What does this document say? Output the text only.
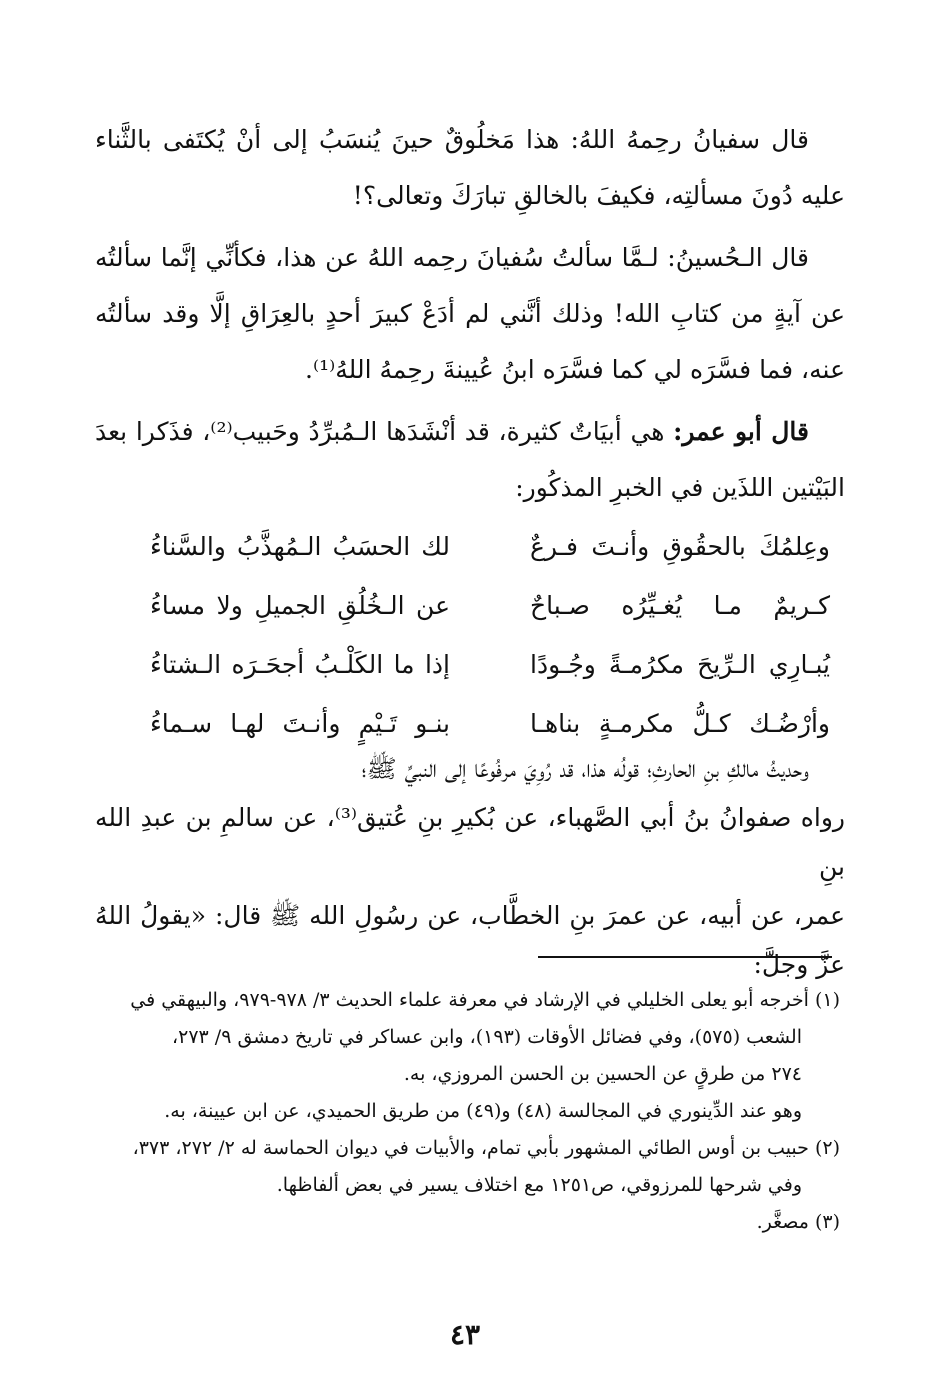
قال سفيانُ رحِمهُ اللهُ: هذا مَخلُوقٌ حينَ يُنسَبُ إلى أنْ يُكتَفى بالثَّناء عليه دُونَ مسألتِه، فكيفَ بالخالقِ تبارَكَ وتعالى؟!

قال الـحُسينُ: لـمَّا سألتُ سُفيانَ رحِمه اللهُ عن هذا، فكأنِّي إنَّما سألتُه عن آيةٍ من كتابِ الله! وذلك أنَّني لم أدَعْ كبيرَ أحدٍ بالعِرَاقِ إلَّا وقد سألتُه عنه، فما فسَّرَه لي كما فسَّرَه ابنُ عُيينةَ رحِمهُ اللهُ⁽¹⁾.

قال أبو عمر: هي أبيَاتٌ كثيرة، قد أنْشَدَها الـمُبرِّدُ وحَبيب⁽²⁾، فذَكرا بعدَ البَيْتين اللذَين في الخبرِ المذكُور:

وعِلمُكَ بالحقُوقِ وأنـتَ فـرعٌ
لك الحسَبُ الـمُهذَّبُ والسَّناءُ
كـريمٌ مـا يُغـيِّرُه صـباحٌ
عن الـخُلُقِ الجميلِ ولا مساءُ
يُبـارِي الـرِّيحَ مكرُمـةً وجُـودًا
إذا ما الكَلْـبُ أجحَـرَه الـشتاءُ
وأرْضُـك كـلُّ مكرمـةٍ بناهـا
بنـو تَـيْمٍ وأنـتَ لهـا سـماءُ

وحديثُ مالكِ بنِ الحارثِ؛ قولُه هذا، قد رُوِيَ مرفُوعًا إلى النبيِّ ﷺ؛

رواه صفوانُ بنُ أبي الصَّهباء، عن بُكيرِ بنِ عُتيق⁽³⁾، عن سالمِ بن عبدِ الله بنِ

عمر، عن أبيه، عن عمرَ بنِ الخطَّاب، عن رسُولِ الله ﷺ قال: «يقولُ اللهُ عزَّ وجلَّ:

(١) أخرجه أبو يعلى الخليلي في الإرشاد في معرفة علماء الحديث ٣/ ٩٧٨-٩٧٩، والبيهقي في

الشعب (٥٧٥)، وفي فضائل الأوقات (١٩٣)، وابن عساكر في تاريخ دمشق ٩/ ٢٧٣،

٢٧٤ من طرقٍ عن الحسين بن الحسن المروزي، به.

وهو عند الدِّينوري في المجالسة (٤٨) و(٤٩) من طريق الحميدي، عن ابن عيينة، به.

(٢) حبيب بن أوس الطائي المشهور بأبي تمام، والأبيات في ديوان الحماسة له ٢/ ٢٧٢، ٣٧٣،

وفي شرحها للمرزوقي، ص١٢٥١ مع اختلاف يسير في بعض ألفاظها.

(٣) مصغَّر.

٤٣
